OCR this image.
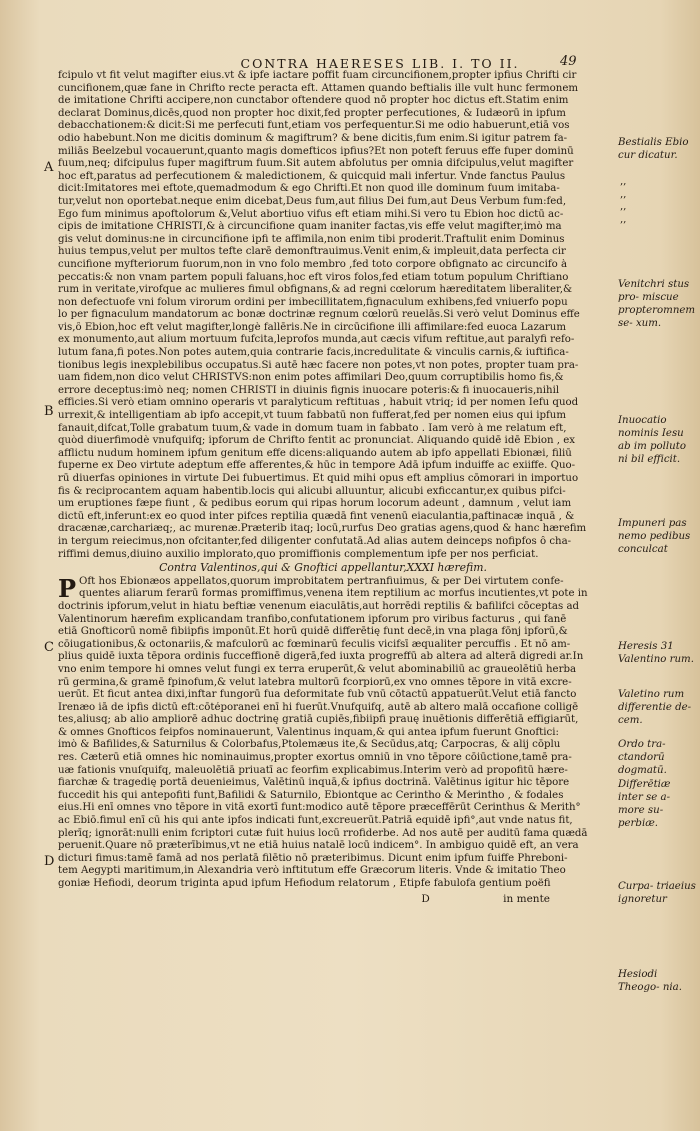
CONTRA HAERESES LIB. I. TO II.	49
A
B
C
D

fcipulo vt fit velut magifter eius.vt & ipfe iactare poffit fuam circuncifionem,propter ipfius Chrifti cir
cuncifionem,quæ fane in Chrifto recte peracta eft. Attamen quando beftialis ille vult hunc fermonem
de imitatione Chrifti accipere,non cunctabor oftendere quod nō propter hoc dictus eft.Statim enim
declarat Dominus,dicēs,quod non propter hoc dixit,fed propter perfecutiones, & Iudæorū in ipfum
debacchationem:& dicit:Si me perfecuti funt,etiam vos perfequentur.Si me odio habuerunt,etiā vos
odio habebunt.Non me dicitis dominum & magiftrum? & bene dicitis,fum enim.Si igitur patrem fa-
miliās Beelzebul vocauerunt,quanto magis domefticos ipfius?Et non poteft feruus effe fuper dominū
fuum,neq; difcipulus fuper magiftrum fuum.Sit autem abfolutus per omnia difcipulus,velut magifter
hoc eft,paratus ad perfecutionem & maledictionem, & quicquid mali infertur. Vnde fanctus Paulus
dicit:Imitatores mei eftote,quemadmodum & ego Chrifti.Et non quod ille dominum fuum imitaba-
tur,velut non oportebat.neque enim dicebat,Deus fum,aut filius Dei fum,aut Deus Verbum fum:fed,
Ego fum minimus apoftolorum &,Velut abortiuo vifus eft etiam mihi.Si vero tu Ebion hoc dictū ac-
cipis de imitatione CHRISTI,& à circuncifione quam inaniter factas,vis effe velut magifter,imò ma
gis velut dominus:ne in circuncifione ipfi te affimila,non enim tibi proderit.Traftulit enim Dominus
huius tempus,velut per multos tefte clarē demonftrauimus.Venit enim,& impleuit,data perfecta cir
cuncifione myfteriorum fuorum,non in vno folo membro ,fed toto corpore obfignato ac circuncifo à
peccatis:& non vnam partem populi faluans,hoc eft viros folos,fed etiam totum populum Chriftiano
rum in veritate,virofque ac mulieres fimul obfignans,& ad regni cœlorum hæreditatem liberaliter,&
non defectuofe vni folum virorum ordini per imbecillitatem,fignaculum exhibens,fed vniuerfo popu
lo per fignaculum mandatorum ac bonæ doctrinæ regnum cœlorū reuelās.Si verò velut Dominus effe
vis,ô Ebion,hoc eft velut magifter,longè fallēris.Ne in circūcifione illi affimilare:fed euoca Lazarum
ex monumento,aut alium mortuum fufcita,leprofos munda,aut cæcis vifum reftitue,aut paralyfi refo-
lutum fana,fi potes.Non potes autem,quia contrarie facis,incredulitate & vinculis carnis,& iuftifica-
tionibus legis inexplebilibus occupatus.Si autē hæc facere non potes,vt non potes, propter tuam pra-
uam fidem,non dico velut CHRISTVS:non enim potes affimilari Deo,quum corruptibilis homo fis,&
errore deceptus:imò neq; nomen CHRISTI in diuinis fignis inuocare poteris:& fi inuocaueris,nihil
efficies.Si verò etiam omnino operaris vt paralyticum reftituas , habuit vtriq; id per nomen Iefu quod
urrexit,& intelligentiam ab ipfo accepit,vt tuum fabbatū non fufferat,fed per nomen eius qui ipfum
fanauit,difcat,Tolle grabatum tuum,& vade in domum tuam in fabbato . Iam verò à me relatum eft,
quòd diuerfimodè vnufquifq; ipforum de Chrifto fentit ac pronunciat. Aliquando quidē idē Ebion , ex
afflictu nudum hominem ipfum genitum effe dicens:aliquando autem ab ipfo appellati Ebionæi, filiū
fuperne ex Deo virtute adeptum effe afferentes,& hūc in tempore Adā ipfum induiffe ac exiiffe. Quo-
rū diuerfas opiniones in virtute Dei fubuertimus. Et quid mihi opus eft amplius cōmorari in importuo
fis & reciprocantem aquam habentib.locis qui alicubi alluuntur, alicubi exficcantur,ex quibus pifci-
um eruptiones fæpe fiunt , & pedibus eorum qui ripas horum locorum adeunt , damnum , velut iam
dictū eft,inferunt:ex eo quod inter pifces reptilia quædā fint venenū eiaculantia,paftinacæ inquā , &
dracænæ,carchariæq;, ac murenæ.Præterib itaq; locū,rurfus Deo gratias agens,quod & hanc hærefim
in tergum reiecimus,non ofcitanter,fed diligenter confutatā.Ad alias autem deinceps nofipfos ô cha-
riffimi demus,diuino auxilio implorato,quo promiffionis complementum ipfe per nos perficiat.

Contra Valentinos,qui & Gnoftici appellantur,XXXI hærefim.

P Oft hos Ebionæos appellatos,quorum improbitatem pertranfiuimus, & per Dei virtutem confe-
quentes aliarum ferarū formas promiffimus,venena item reptilium ac morfus incutientes,vt pote in
doctrinis ipforum,velut in hiatu beftiæ venenum eiaculātis,aut horrēdi reptilis & bafilifci cōceptas ad
Valentinorum hærefim explicandam tranfibo,confutationem ipforum pro viribus facturus , qui fanē
etiā Gnofticorū nomē fibiipfis imponūt.Et horū quidē differētię funt decē,in vna plaga fōnj ipforū,&
cōiugationibus,& octonariis,& mafculorū ac fœminarū feculis vicifsī æqualiter percuffis . Et nō am-
plius quidē iuxta tēpora ordinis fucceffionē digerā,fed iuxta progreffū ab altera ad alterā digredi ar.In
vno enim tempore hi omnes velut fungi ex terra eruperūt,& velut abominabiliū ac graueolētiū herba
rū germina,& gramē fpinofum,& velut latebra multorū fcorpiorū,ex vno omnes tēpore in vitā excre-
uerūt. Et ficut antea dixi,inftar fungorū fua deformitate fub vnū cōtactū appatuerūt.Velut etiā fancto
Irenæo iā de ipfis dictū eft:cōtéporanei enī hi fuerūt.Vnufquifq, autē ab altero malā occafione colligē
tes,aliusq; ab alio ampliorē adhuc doctrinę gratiā cupiēs,fibiipfi prauę inuētionis differētiā effigiarūt,
& omnes Gnofticos feipfos nominauerunt, Valentinus inquam,& qui antea ipfum fuerunt Gnoftici:
imò & Bafilides,& Saturnilus & Colorbafus,Ptolemæus ite,& Secūdus,atq; Carpocras, & alij cōplu
res. Cæterū etiā omnes hic nominauimus,propter exortus omniū in vno tēpore cōiūctione,tamē pra-
uæ fationis vnuſquifq, maleuolētiā priuatī ac feorfim explicabimus.Interim verò ad propofitū hære-
fiarchæ & tragedię portā deuenieimus, Valētinū inquā,& ipfius doctrinā. Valētinus igitur hic tēpore
fuccedit his qui antepofiti funt,Bafilidi & Saturnilo, Ebiontque ac Cerintho & Merintho , & fodales
eius.Hi enī omnes vno tēpore in vitā exortī funt:modico autē tēpore præceffērūt Cerinthus & Merith°
ac Ebiō.fimul enī cū his qui ante ipfos indicati funt,excreuerūt.Patriā equidē ipfi°,aut vnde natus fit,
plerīq; ignorāt:nulli enim fcriptori cutæ fuit huius locū rrofiderbe. Ad nos autē per auditū fama quædā
peruenit.Quare nō præterībimus,vt ne etiā huius natalē locū indicem°. In ambiguo quidē eft, an vera
dicturi fimus:tamē famā ad nos perlatā filētio nō præteribimus. Dicunt enim ipfum fuiffe Phreboni-
tem Aegypti maritimum,in Alexandria verò inftitutum effe Græcorum literis. Vnde & imitatio Theo
goniæ Hefiodi, deorum triginta apud ipfum Hefiodum relatorum , Etipfe fabulofa gentium poëfi

D	in mente
Bestialis Ebio cur dicatur.
‚‚
‚‚
‚‚
‚‚
Venitchri stus pro- miscue propteromnem se- xum.
Inuocatio nominis Iesu ab im polluto ni bil efficit.
Impuneri pas nemo pedibus conculcat
Heresis 31 Valentino rum.
Valetino rum differentie de- cem.
Ordo tra- ctandorū dogmatū.
Differētiæ inter se a- more su- perbiæ.
Curpa- triaeius ignoretur
Hesiodi Theogo- nia.
